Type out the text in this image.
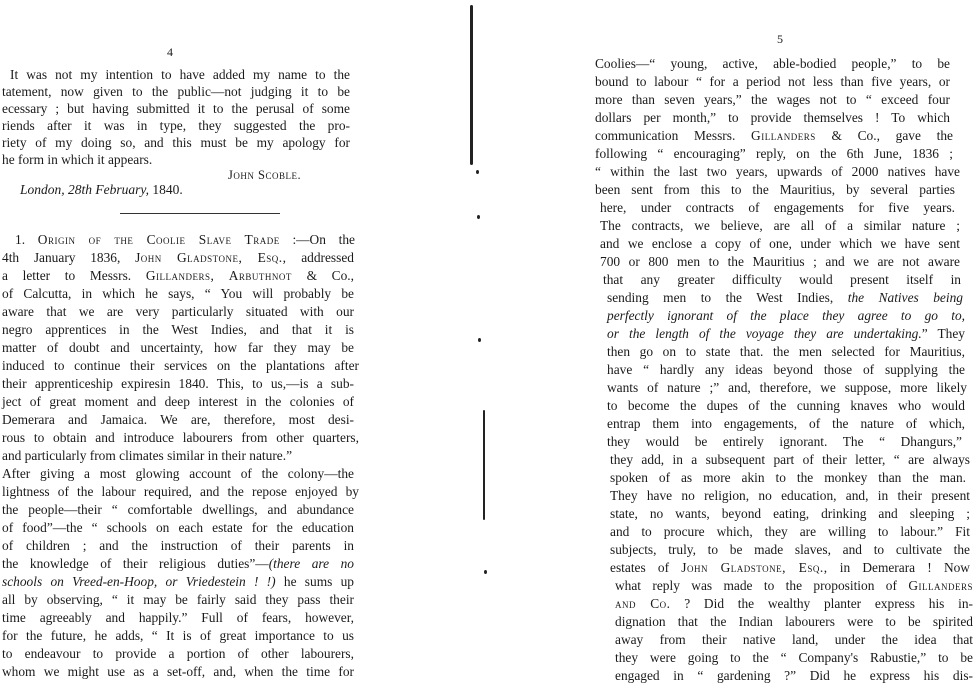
4
It was not my intention to have added my name to the
tatement, now given to the public—not judging it to be
ecessary ; but having submitted it to the perusal of some
riends after it was in type, they suggested the pro-
riety of my doing so, and this must be my apology for
he form in which it appears.
John Scoble.
London, 28th February, 1840.
1. Origin of the Coolie Slave Trade :—On the
4th January 1836, John Gladstone, Esq., addressed
a letter to Messrs. Gillanders, Arbuthnot & Co.,
of Calcutta, in which he says, “ You will probably be
aware that we are very particularly situated with our
negro apprentices in the West Indies, and that it is
matter of doubt and uncertainty, how far they may be
induced to continue their services on the plantations after
their apprenticeship expiresin 1840. This, to us,—is a sub-
ject of great moment and deep interest in the colonies of
Demerara and Jamaica. We are, therefore, most desi-
rous to obtain and introduce labourers from other quarters,
and particularly from climates similar in their nature.”
After giving a most glowing account of the colony—the
lightness of the labour required, and the repose enjoyed by
the people—their “ comfortable dwellings, and abundance
of food”—the “ schools on each estate for the education
of children ; and the instruction of their parents in
the knowledge of their religious duties”—(there are no
schools on Vreed-en-Hoop, or Vriedestein ! !) he sums up
all by observing, “ it may be fairly said they pass their
time agreeably and happily.” Full of fears, however,
for the future, he adds, “ It is of great importance to us
to endeavour to provide a portion of other labourers,
whom we might use as a set-off, and, when the time for
5
Coolies—“ young, active, able-bodied people,” to be
bound to labour “ for a period not less than five years, or
more than seven years,” the wages not to “ exceed four
dollars per month,” to provide themselves ! To which
communication Messrs. Gillanders & Co., gave the
following “ encouraging” reply, on the 6th June, 1836 ;
“ within the last two years, upwards of 2000 natives have
been sent from this to the Mauritius, by several parties
here, under contracts of engagements for five years.
The contracts, we believe, are all of a similar nature ;
and we enclose a copy of one, under which we have sent
700 or 800 men to the Mauritius ; and we are not aware
that any greater difficulty would present itself in
sending men to the West Indies, the Natives being
perfectly ignorant of the place they agree to go to,
or the length of the voyage they are undertaking.” They
then go on to state that. the men selected for Mauritius,
have “ hardly any ideas beyond those of supplying the
wants of nature ;” and, therefore, we suppose, more likely
to become the dupes of the cunning knaves who would
entrap them into engagements, of the nature of which,
they would be entirely ignorant. The “ Dhangurs,”
they add, in a subsequent part of their letter, “ are always
spoken of as more akin to the monkey than the man.
They have no religion, no education, and, in their present
state, no wants, beyond eating, drinking and sleeping ;
and to procure which, they are willing to labour.” Fit
subjects, truly, to be made slaves, and to cultivate the
estates of John Gladstone, Esq., in Demerara ! Now
what reply was made to the proposition of Gillanders
and Co. ? Did the wealthy planter express his in-
dignation that the Indian labourers were to be spirited
away from their native land, under the idea that
they were going to the “ Company's Rabustie,” to be
engaged in “ gardening ?” Did he express his dis-
